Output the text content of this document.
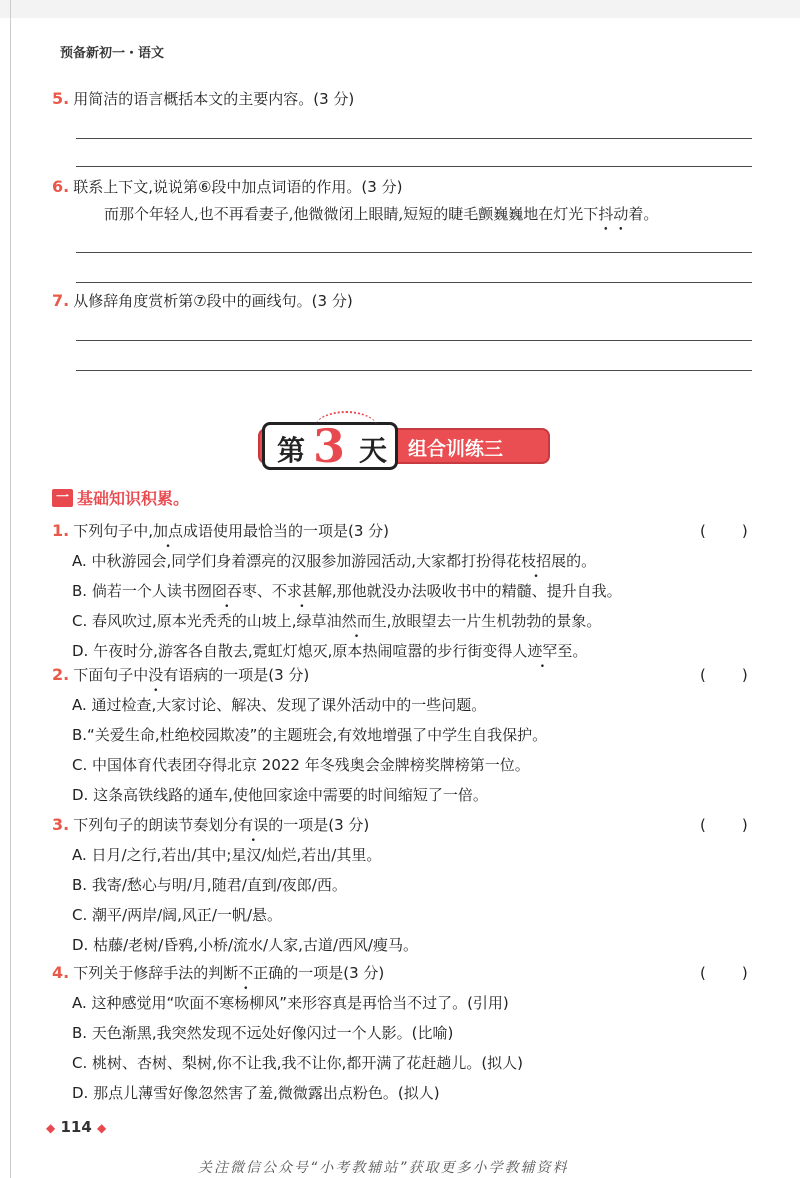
预备新初一・语文
5. 用简洁的语言概括本文的主要内容。(3 分)
6. 联系上下文,说说第⑥段中加点词语的作用。(3 分)
而那个年轻人,也不再看妻子,他微微闭上眼睛,短短的睫毛颤巍巍地在灯光下抖动着。
7. 从修辞角度赏析第⑦段中的画线句。(3 分)
第 3 天 组合训练三
一 基础知识积累。
1. 下列句子中,加点成语使用最恰当的一项是(3 分)	(　　)
A. 中秋游园会,同学们身着漂亮的汉服参加游园活动,大家都打扮得花枝招展的。
B. 倘若一个人读书囫囵吞枣、不求甚解,那他就没办法吸收书中的精髓、提升自我。
C. 春风吹过,原本光秃秃的山坡上,绿草油然而生,放眼望去一片生机勃勃的景象。
D. 午夜时分,游客各自散去,霓虹灯熄灭,原本热闹喧嚣的步行街变得人迹罕至。
2. 下面句子中没有语病的一项是(3 分)	(　　)
A. 通过检查,大家讨论、解决、发现了课外活动中的一些问题。
B.“关爱生命,杜绝校园欺凌”的主题班会,有效地增强了中学生自我保护。
C. 中国体育代表团夺得北京 2022 年冬残奥会金牌榜奖牌榜第一位。
D. 这条高铁线路的通车,使他回家途中需要的时间缩短了一倍。
3. 下列句子的朗读节奏划分有误的一项是(3 分)	(　　)
A. 日月/之行,若出/其中;星汉/灿烂,若出/其里。
B. 我寄/愁心与明/月,随君/直到/夜郎/西。
C. 潮平/两岸/阔,风正/一帆/悬。
D. 枯藤/老树/昏鸦,小桥/流水/人家,古道/西风/瘦马。
4. 下列关于修辞手法的判断不正确的一项是(3 分)	(　　)
A. 这种感觉用“吹面不寒杨柳风”来形容真是再恰当不过了。(引用)
B. 天色渐黑,我突然发现不远处好像闪过一个人影。(比喻)
C. 桃树、杏树、梨树,你不让我,我不让你,都开满了花赶趟儿。(拟人)
D. 那点儿薄雪好像忽然害了羞,微微露出点粉色。(拟人)
◆ 114 ◆
关注微信公众号“小考教辅站”获取更多小学教辅资料
